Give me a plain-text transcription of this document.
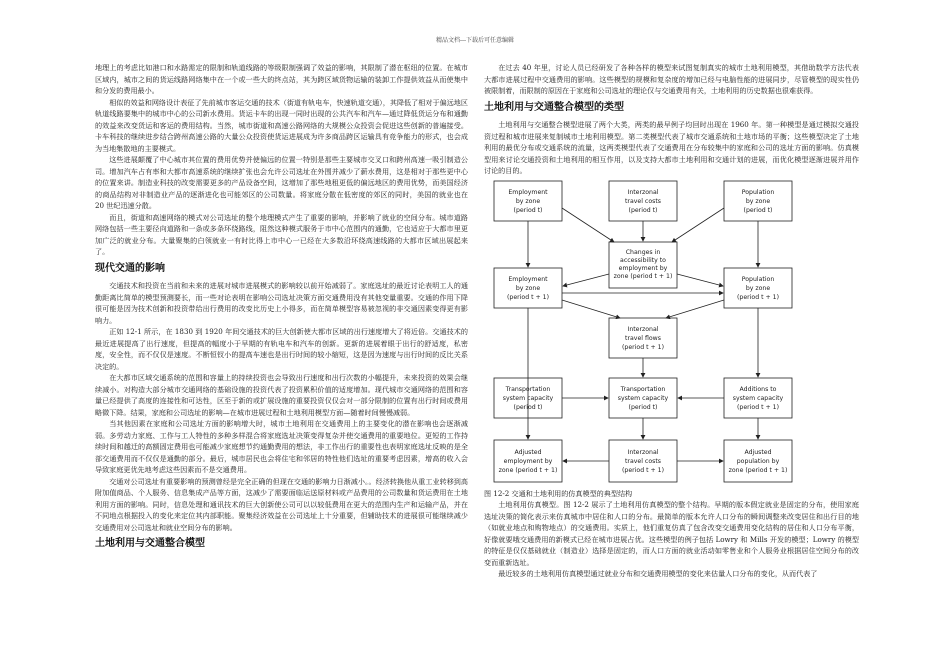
精品文档---下载后可任意编辑

地理上的考虑比如港口和水路需定的限制和轨道线路的等级限制强调了效益的影响，其限制了潜在枢纽的位置。在城市区域内，城市之间的货运线路网络集中在一个或一些大的终点站，其为跨区域货物运输的装卸工作提供效益从而使集中和分发的费用最小。

相似的效益和网络设计表征了先前城市客运交通的技术（街道有轨电车，快速轨道交通），其降低了相对于偏远地区轨道线路要集中的城市中心的公司新水费用。货运卡车的出现一同时出现的公共汽车和汽车—通过降低货运分布和通勤的效益来改变货运和客运的费用结构。当然，城市街道和高速公路网络的大规模公众投资会促进这些创新的普遍接受。卡车科技的继续进步结合跨州高速公路的大量公众投资使货运进展成为许多商品跨区运输具有竞争能力的形式，也会成为当地集散地的主要模式。

这些进展颠覆了中心城市其位置的费用优势并使偏远的位置一特别是那些主要城市交叉口和跨州高速一吸引制造公司。增加汽车占有率和大都市高速系统的继续扩张也会允许公司选址在外围并减少了薪水费用，这是相对于那些更中心的位置来讲。制造业科技的改变需要更多的产品设备空间，这增加了那些地租更低的偏远地区的费用优势，而美国经济的商品结构对非制造业产品的逐渐进化也可能郊区的公司数量。将家庭分散在低密度的郊区的同时，美国的就业也在 20 世纪迅速分散。

而且，街道和高速网络的模式对公司选址的整个地理模式产生了重要的影响，并影响了就业的空间分布。城市道路网络包括一些主要径向道路和一条或多条环绕路线，阻然这种模式服务于市中心范围内的通勤，它也适应于大都市里更加广泛的就业分布。大量聚集的白领就业一有时比得上市中心一已经在大多数沿环绕高速线路的大都市区域出展起来了。

现代交通的影响

交通技术和投资在当前和未来的进展对城市进展模式的影响较以前开始减弱了。家庭选址的最近讨论表明工人的通勤距离比简单的模型预测要长，而一些对论表明在影响公司选址决策方面交通费用没有其他变量重要。交通的作用下降很可能是因为技术创新和投资带给出行费用的改变比历史上小得多，而在简单模型容易被忽视的非交通因素变得更有影响力。

正如 12-1 所示，在 1830 到 1920 年间交通技术的巨大创新使大都市区域的出行速度增大了将近倍。交通技术的最近进展提高了出行速度，但提高的幅度小于早期的有轨电车和汽车的创新。更新的进展着眼于出行的舒适度，私密度，安全性，而不仅仅是速度。不断恒钗小的提高车速也是出行时间的较小缩短，这是因为速度与出行时间的反比关系决定的。

在大都市区域交通系统的范围和容量上的持续投资也会导致出行速度和出行次数的小幅提升，未来投资的效果会继续减小。对构造大部分城市交通网络的基础设施的投资代表了投资累积价值的适度增加。现代城市交通网络的范围和容量已经提供了高度的连接性和可达性，区至于新的或扩展设施的重要投资仅仅会对一部分限制的位置有出行时间或费用略微下降。结果，家庭和公司选址的影响—在城市进展过程和土地利用模型方面—随着时间慢慢减弱。

当其他因素在家庭和公司选址方面的影响增大时，城市土地利用在交通费用上的主要变化的潜在影响也会逐渐减弱。多劳动力家庭、工作与工人特性的多种多样混合将家庭选址决策变得复杂并使交通费用的重要地位。更短的工作持续时间和越迁的高额固定费用也可能减少家庭想节约通勤费用的想法，非工作出行的重要性也表明家庭选址反映的是全部交通费用而不仅仅是通勤的部分。最后，城市居民也会将住宅和邻居的特性他们选址的重要考虑因素，增高的收入会导致家庭更优先地考虑这些因素而不是交通费用。

交通对公司选址有重要影响的预测曾经是完全正确的但现在交通的影响力日渐减小。。经济转换他从重工业转移到高附加值商品、个人服务、信息集成产品等方面，这减少了需要面临运送原材料或产品费用的公司数量和货运费用在土地利用方面的影响。同时，信息处理和通讯技术的巨大创新使公司可以以较低费用在更大的范围内生产和运输产品，并在不同地点根据投入的变化来定位其内部职能。聚集经济效益在公司选址上十分重要，但辅助技术的进展很可能继续减少交通费用对公司选址和就业空间分布的影响。

土地利用与交通整合模型

在过去 40 年里，讨论人员已经研发了各种各样的模型来试图复制真实的城市土地利用模型，其借助数学方法代表大都市进展过程中交通费用的影响。这些模型的规模和复杂度的增加已经与电脑性能的进展同步，尽管模型的现实性仍被限制着，而限制的原因在于家庭和公司选址的理论仅与交通费用有关，土地利用的历史数据也很难获得。

土地利用与交通整合模型的类型

土地利用与交通整合模型进展了两个大类，两类的最早例子均回时出现在 1960 年。第一种模型是通过模拟交通投资过程和城市进展来复制城市土地利用模型。第二类模型代表了城市交通系统和土地市场的平衡；这些模型决定了土地利用的最优分布或交通系统的流量，这两类模型代表了交通费用在分布较集中的家庭和公司的选址方面的影响。仿真模型用来讨论交通投资和土地利用的相互作用，以及支持大都市土地利用和交通计划的进展，而优化模型逐渐进展并用作讨论的目的。

Employment by zone (period t)
Interzonal travel costs (period t)
Population by zone (period t)
Changes in accessibility to employment by zone (period t + 1)
Employment by zone (period t + 1)
Population by zone (period t + 1)
Interzonal travel flows (period t + 1)
Transportation system capacity (period t)
Transportation system capacity (period t)
Additions to system capacity (period t + 1)
Adjusted employment by zone (period t + 1)
Interzonal travel costs (period t + 1)
Adjusted population by zone (period t + 1)

图 12-2 交通和土地利用的仿真模型的典型结构

土地利用仿真模型。图 12-2 展示了土地利用仿真模型的整个结构。早期的版本假定就业是固定的分布，使用家庭选址决策的简化表示来仿真城市中居住和人口的分布。最简单的版本允许人口分布的瞬间调整来改变居住和出行目的地（如就业地点和购物地点）的交通费用。实质上，他们重复仿真了包含改变交通费用变化结构的居住和人口分布平衡，好像就要哦交通费用的新模式已经在城市进展占优。这些模型的例子包括 Lowry 和 Mills 开发的模型；Lowry 的模型的特征是仅仅基础就业（制造业）选择是固定的，而人口方面的就业活动如零售业和个人服务业根据居住空间分布的改变而重新选址。

最近较多的土地利用仿真模型通过就业分布和交通费用模型的变化来估量人口分布的变化，从而代表了
